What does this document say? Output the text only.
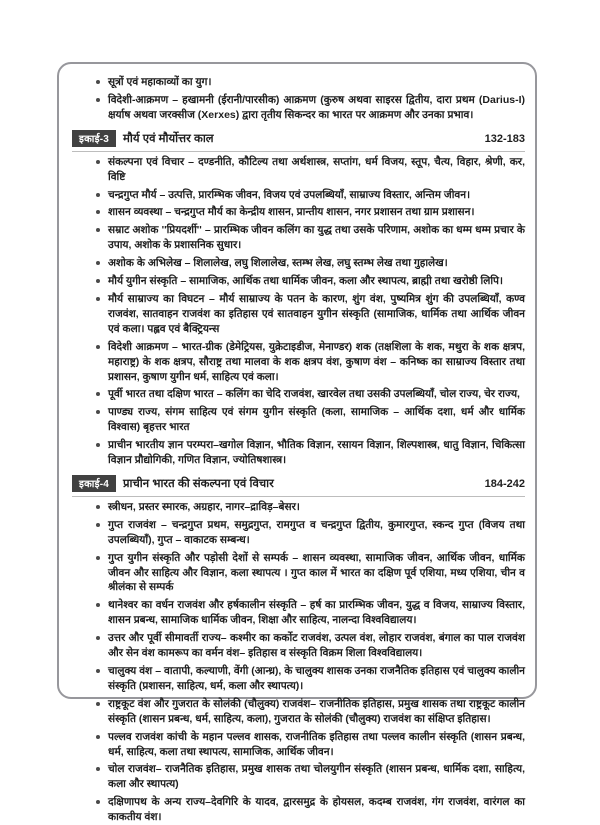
सूत्रों एवं महाकाव्यों का युग।
विदेशी-आक्रमण – हखामनी (ईरानी/पारसीक) आक्रमण (कुरुष अथवा साइरस द्वितीय, दारा प्रथम (Darius-I) क्षर्याष अथवा जरक्सीज (Xerxes) द्वारा तृतीय सिकन्दर का भारत पर आक्रमण और उनका प्रभाव।
इकाई-3	मौर्य एवं मौर्योत्तर काल	132-183
संकल्पना एवं विचार – दण्डनीति, कौटिल्य तथा अर्थशास्त्र, सप्तांग, धर्म विजय, स्तूप, चैत्य, विहार, श्रेणी, कर, विष्टि
चन्द्रगुप्त मौर्य – उत्पत्ति, प्रारम्भिक जीवन, विजय एवं उपलब्धियाँ, साम्राज्य विस्तार, अन्तिम जीवन।
शासन व्यवस्था – चन्द्रगुप्त मौर्य का केन्द्रीय शासन, प्रान्तीय शासन, नगर प्रशासन तथा ग्राम प्रशासन।
सम्राट अशोक ''प्रियदर्शी'' – प्रारम्भिक जीवन कलिंग का युद्ध तथा उसके परिणाम, अशोक का धम्म धम्म प्रचार के उपाय, अशोक के प्रशासनिक सुधार।
अशोक के अभिलेख – शिलालेख, लघु शिलालेख, स्तम्भ लेख, लघु स्तम्भ लेख तथा गुहालेख।
मौर्य युगीन संस्कृति – सामाजिक, आर्थिक तथा धार्मिक जीवन, कला और स्थापत्य, ब्राह्मी तथा खरोष्ठी लिपि।
मौर्य साम्राज्य का विघटन – मौर्य साम्राज्य के पतन के कारण, शुंग वंश, पुष्यमित्र शुंग की उपलब्धियाँ, कण्व राजवंश, सातवाहन राजवंश का इतिहास एवं सातवाहन युगीन संस्कृति (सामाजिक, धार्मिक तथा आर्थिक जीवन एवं कला। पह्लव एवं बैक्ट्रियन्स
विदेशी आक्रमण – भारत-ग्रीक (डेमेट्रियस, युक्रेटाइडीज, मेनाण्डर) शक (तक्षशिला के शक, मथुरा के शक क्षत्रप, महाराष्ट्र) के शक क्षत्रप, सौराष्ट्र तथा मालवा के शक क्षत्रप वंश, कुषाण वंश – कनिष्क का साम्राज्य विस्तार तथा प्रशासन, कुषाण युगीन धर्म, साहित्य एवं कला।
पूर्वी भारत तथा दक्षिण भारत – कलिंग का चेदि राजवंश, खारवेल तथा उसकी उपलब्धियाँ, चोल राज्य, चेर राज्य,
पाण्ड्य राज्य, संगम साहित्य एवं संगम युगीन संस्कृति (कला, सामाजिक – आर्थिक दशा, धर्म और धार्मिक विश्वास) बृहत्तर भारत
प्राचीन भारतीय ज्ञान परम्परा–खगोल विज्ञान, भौतिक विज्ञान, रसायन विज्ञान, शिल्पशास्त्र, धातु विज्ञान, चिकित्सा विज्ञान प्रौद्योगिकी, गणित विज्ञान, ज्योतिषशास्त्र।
इकाई-4	प्राचीन भारत की संकल्पना एवं विचार	184-242
स्त्रीधन, प्रस्तर स्मारक, अग्रहार, नागर–द्राविड़–बेसर।
गुप्त राजवंश – चन्द्रगुप्त प्रथम, समुद्रगुप्त, रामगुप्त व चन्द्रगुप्त द्वितीय, कुमारगुप्त, स्कन्द गुप्त (विजय तथा उपलब्धियाँ), गुप्त – वाकाटक सम्बन्ध।
गुप्त युगीन संस्कृति और पड़ोसी देशों से सम्पर्क – शासन व्यवस्था, सामाजिक जीवन, आर्थिक जीवन, धार्मिक जीवन और साहित्य और विज्ञान, कला स्थापत्य । गुप्त काल में भारत का दक्षिण पूर्व एशिया, मध्य एशिया, चीन व श्रीलंका से सम्पर्क
थानेश्वर का वर्धन राजवंश और हर्षकालीन संस्कृति – हर्ष का प्रारम्भिक जीवन, युद्ध व विजय, साम्राज्य विस्तार, शासन प्रबन्ध, सामाजिक धार्मिक जीवन, शिक्षा और साहित्य, नालन्दा विश्वविद्यालय।
उत्तर और पूर्वी सीमावर्ती राज्य– कश्मीर का कर्कोट राजवंश, उत्पल वंश, लोहार राजवंश, बंगाल का पाल राजवंश और सेन वंश कामरूप का वर्मन वंश– इतिहास व संस्कृति विक्रम शिला विश्वविद्यालय।
चालुक्य वंश – वातापी, कल्याणी, वेंगी (आन्ध्र), के चालुक्य शासक उनका राजनैतिक इतिहास एवं चालुक्य कालीन संस्कृति (प्रशासन, साहित्य, धर्म, कला और स्थापत्य)।
राष्ट्रकूट वंश और गुजरात के सोलंकी (चौलुक्य) राजवंश– राजनीतिक इतिहास, प्रमुख शासक तथा राष्ट्रकूट कालीन संस्कृति (शासन प्रबन्ध, धर्म, साहित्य, कला), गुजरात के सोलंकी (चौलुक्य) राजवंश का संक्षिप्त इतिहास।
पल्लव राजवंश कांची के महान पल्लव शासक, राजनीतिक इतिहास तथा पल्लव कालीन संस्कृति (शासन प्रबन्ध, धर्म, साहित्य, कला तथा स्थापत्य, सामाजिक, आर्थिक जीवन।
चोल राजवंश– राजनैतिक इतिहास, प्रमुख शासक तथा चोलयुगीन संस्कृति (शासन प्रबन्ध, धार्मिक दशा, साहित्य, कला और स्थापत्य)
दक्षिणापथ के अन्य राज्य–देवगिरि के यादव, द्वारसमुद्र के होयसल, कदम्ब राजवंश, गंग राजवंश, वारंगल का काकतीय वंश।
